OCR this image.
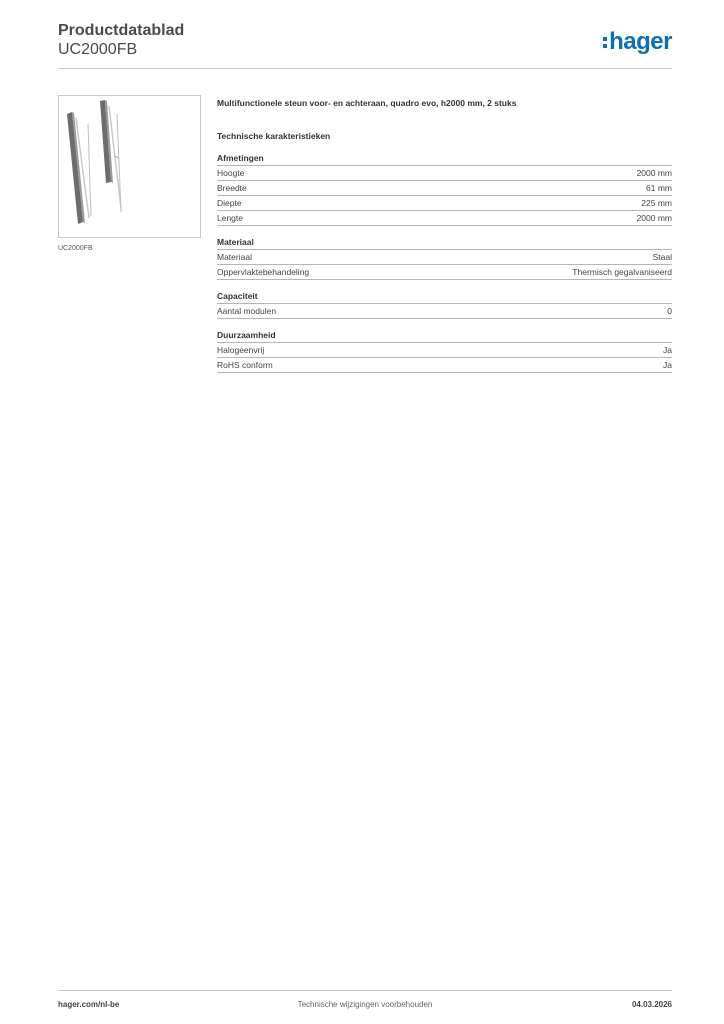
Productdatablad
UC2000FB	hager
UC2000FB
Multifunctionele steun voor- en achteraan, quadro evo, h2000 mm, 2 stuks
Technische karakteristieken
Afmetingen
Hoogte	2000 mm
Breedte	61 mm
Diepte	225 mm
Lengte	2000 mm
Materiaal
Materiaal	Staal
Oppervlaktebehandeling	Thermisch gegalvaniseerd
Capaciteit
Aantal modulen	0
Duurzaamheid
Halogeenvrij	Ja
RoHS conform	Ja
hager.com/nl-be	Technische wijzigingen voorbehouden	04.03.2026
